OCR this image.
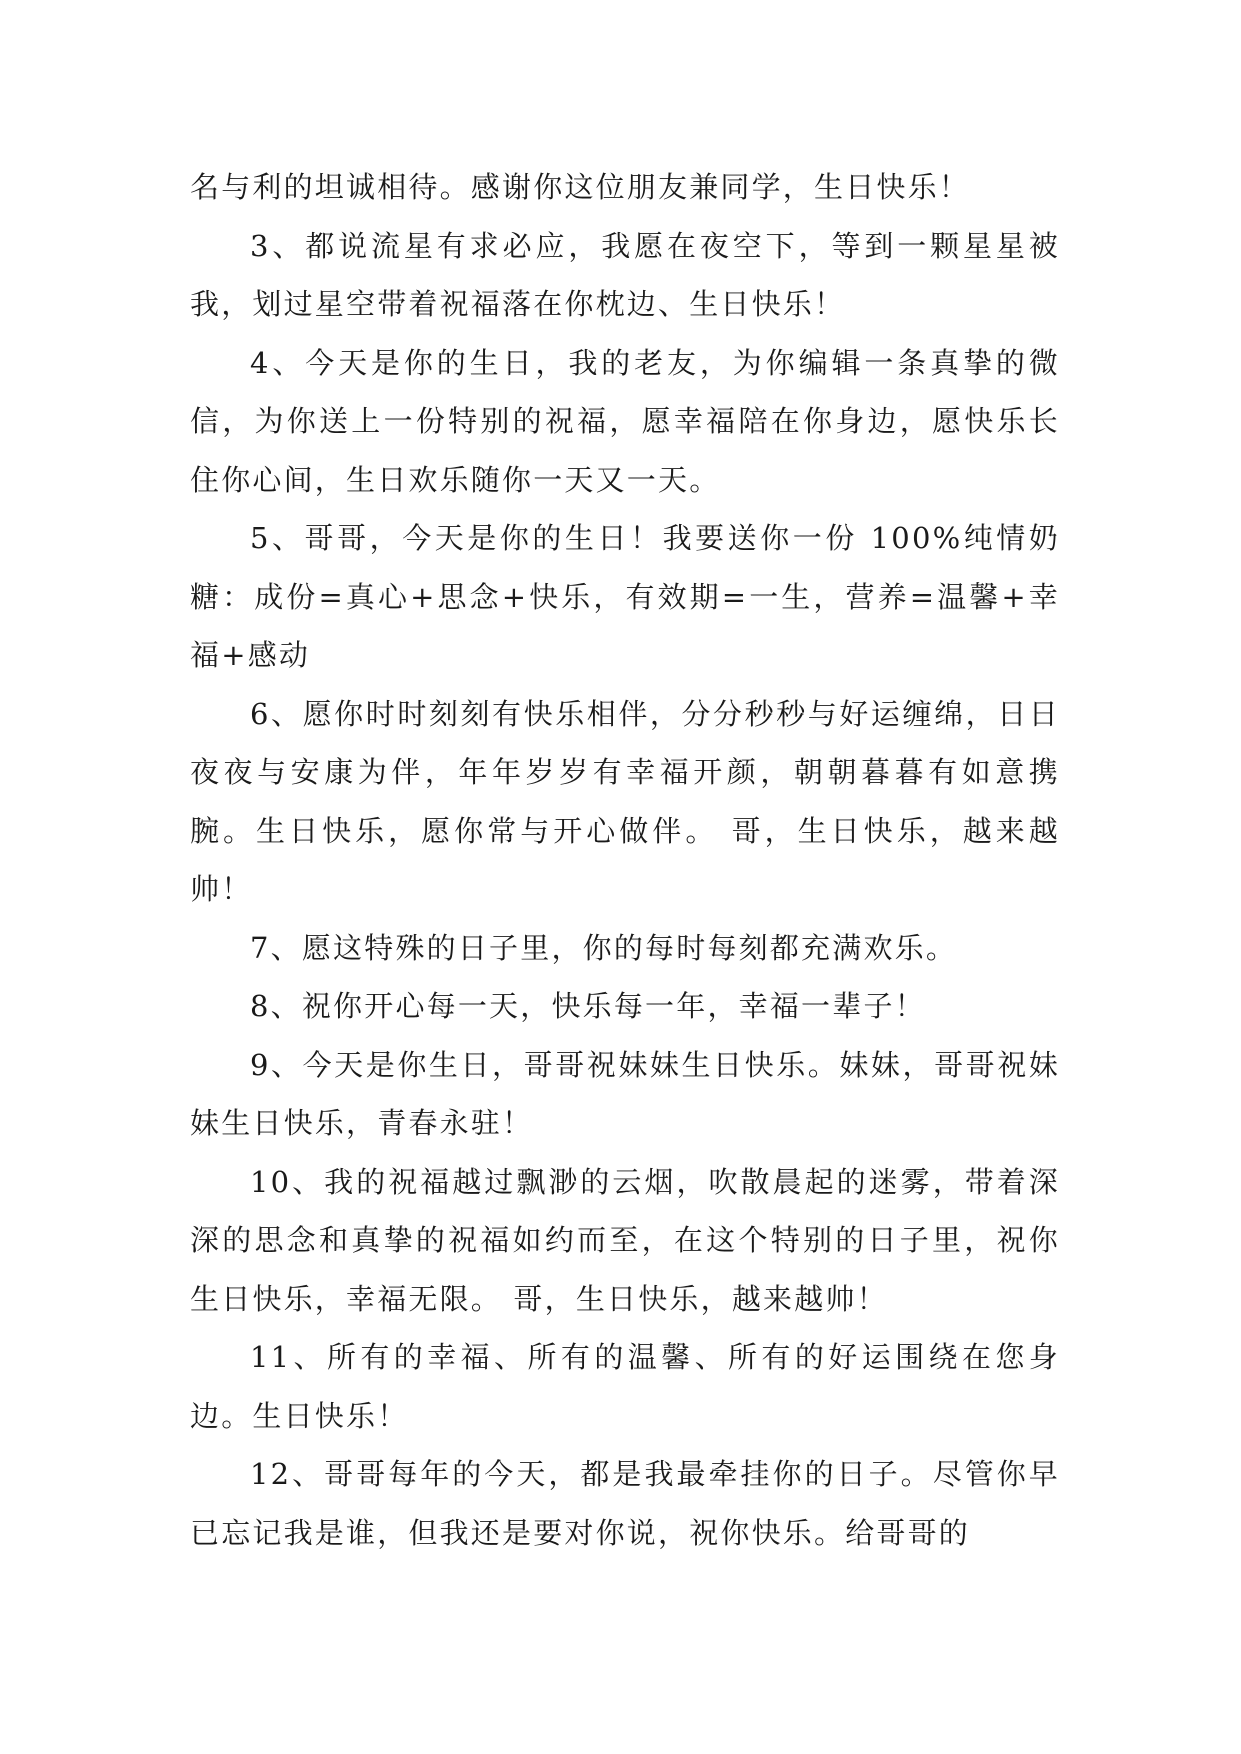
名与利的坦诚相待。感谢你这位朋友兼同学，生日快乐！

3、都说流星有求必应，我愿在夜空下，等到一颗星星被我，划过星空带着祝福落在你枕边、生日快乐！

4、今天是你的生日，我的老友，为你编辑一条真挚的微信，为你送上一份特别的祝福，愿幸福陪在你身边，愿快乐长住你心间，生日欢乐随你一天又一天。

5、哥哥，今天是你的生日！我要送你一份 100%纯情奶糖：成份=真心+思念+快乐，有效期=一生，营养=温馨+幸福+感动

6、愿你时时刻刻有快乐相伴，分分秒秒与好运缠绵，日日夜夜与安康为伴，年年岁岁有幸福开颜，朝朝暮暮有如意携腕。生日快乐，愿你常与开心做伴。 哥，生日快乐，越来越帅！

7、愿这特殊的日子里，你的每时每刻都充满欢乐。

8、祝你开心每一天，快乐每一年，幸福一辈子！

9、今天是你生日，哥哥祝妹妹生日快乐。妹妹，哥哥祝妹妹生日快乐，青春永驻！

10、我的祝福越过飘渺的云烟，吹散晨起的迷雾，带着深深的思念和真挚的祝福如约而至，在这个特别的日子里，祝你生日快乐，幸福无限。 哥，生日快乐，越来越帅！

11、所有的幸福、所有的温馨、所有的好运围绕在您身边。生日快乐！

12、哥哥每年的今天，都是我最牵挂你的日子。尽管你早已忘记我是谁，但我还是要对你说，祝你快乐。给哥哥的
